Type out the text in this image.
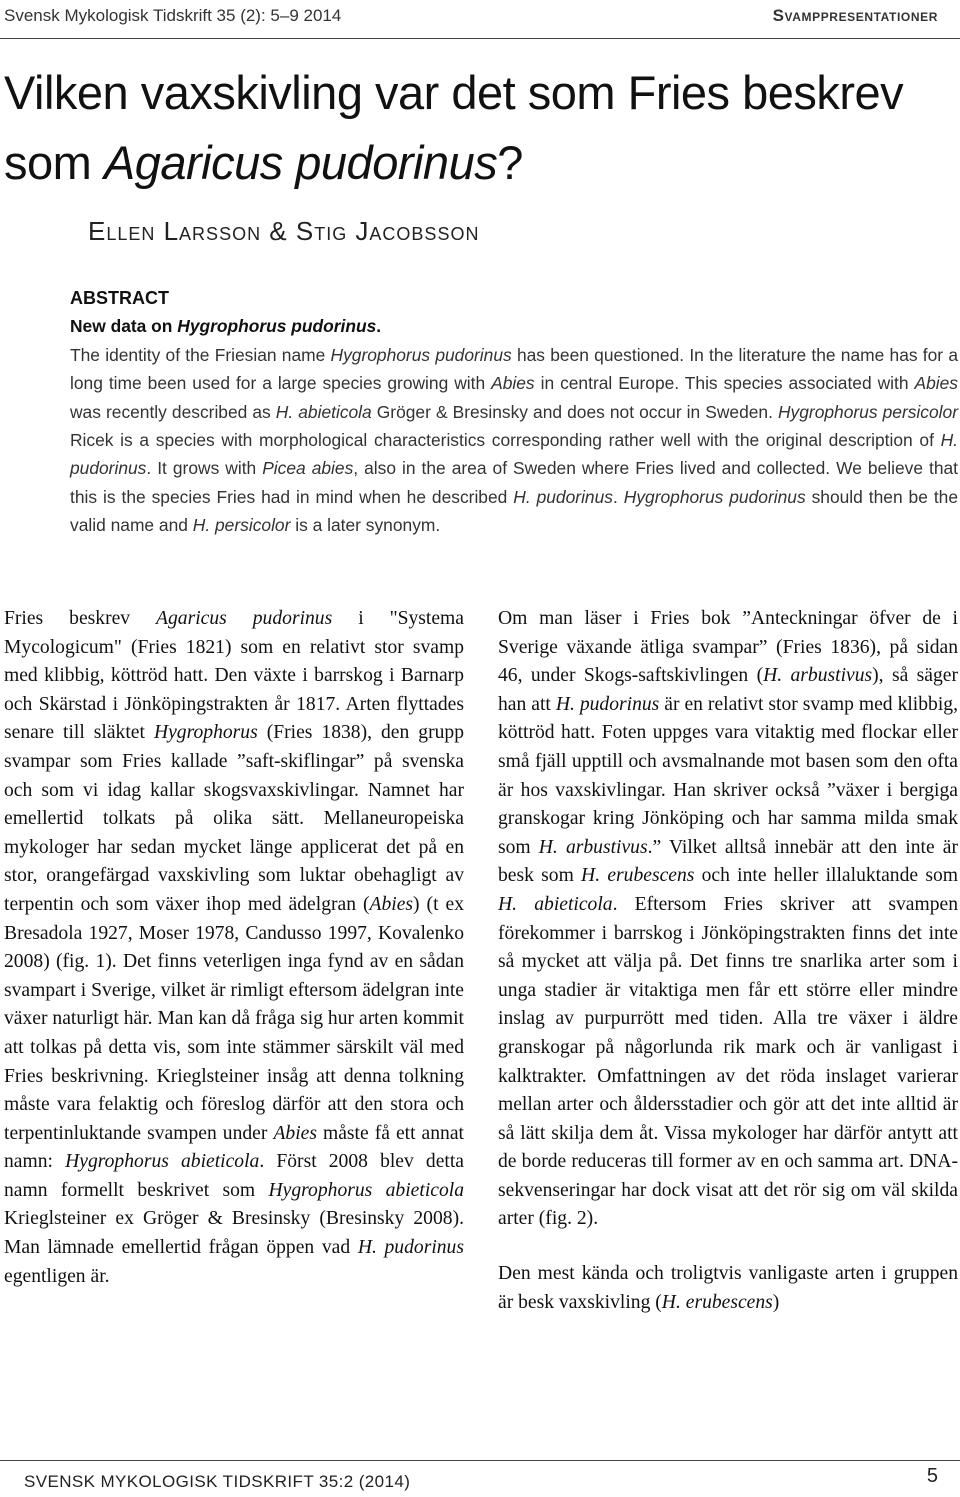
Svensk Mykologisk Tidskrift 35 (2): 5–9 2014	Svamppresentationer
Vilken vaxskivling var det som Fries beskrev
som Agaricus pudorinus?
Ellen Larsson & Stig Jacobsson
ABSTRACT
New data on Hygrophorus pudorinus.
The identity of the Friesian name Hygrophorus pudorinus has been questioned. In the literature the name has for a long time been used for a large species growing with Abies in central Europe. This species associated with Abies was recently described as H. abieticola Gröger & Bresinsky and does not occur in Sweden. Hygrophorus persicolor Ricek is a species with morphological characteristics corresponding rather well with the original description of H. pudorinus. It grows with Picea abies, also in the area of Sweden where Fries lived and collected. We believe that this is the species Fries had in mind when he described H. pudorinus. Hygrophorus pudorinus should then be the valid name and H. persicolor is a later synonym.

Fries beskrev Agaricus pudorinus i "Systema Mycologicum" (Fries 1821) som en relativt stor svamp med klibbig, köttröd hatt. Den växte i barrskog i Barnarp och Skärstad i Jönköpingstrakten år 1817. Arten flyttades senare till släktet Hygrophorus (Fries 1838), den grupp svampar som Fries kallade ”saft-skiflingar” på svenska och som vi idag kallar skogsvaxskivlingar. Namnet har emellertid tolkats på olika sätt. Mellaneuropeiska mykologer har sedan mycket länge applicerat det på en stor, orangefärgad vaxskivling som luktar obehagligt av terpentin och som växer ihop med ädelgran (Abies) (t ex Bresadola 1927, Moser 1978, Candusso 1997, Kovalenko 2008) (fig. 1). Det finns veterligen inga fynd av en sådan svampart i Sverige, vilket är rimligt eftersom ädelgran inte växer naturligt här. Man kan då fråga sig hur arten kommit att tolkas på detta vis, som inte stämmer särskilt väl med Fries beskrivning. Krieglsteiner insåg att denna tolkning måste vara felaktig och föreslog därför att den stora och terpentinluktande svampen under Abies måste få ett annat namn: Hygrophorus abieticola. Först 2008 blev detta namn formellt beskrivet som Hygrophorus abieticola Krieglsteiner ex Gröger & Bresinsky (Bresinsky 2008). Man lämnade emellertid frågan öppen vad H. pudorinus egentligen är.

Om man läser i Fries bok ”Anteckningar öfver de i Sverige växande ätliga svampar” (Fries 1836), på sidan 46, under Skogs-saftskivlingen (H. arbustivus), så säger han att H. pudorinus är en relativt stor svamp med klibbig, köttröd hatt. Foten uppges vara vitaktig med flockar eller små fjäll upptill och avsmalnande mot basen som den ofta är hos vaxskivlingar. Han skriver också ”växer i bergiga granskogar kring Jönköping och har samma milda smak som H. arbustivus.” Vilket alltså innebär att den inte är besk som H. erubescens och inte heller illaluktande som H. abieticola. Eftersom Fries skriver att svampen förekommer i barrskog i Jönköpingstrakten finns det inte så mycket att välja på. Det finns tre snarlika arter som i unga stadier är vitaktiga men får ett större eller mindre inslag av purpurrött med tiden. Alla tre växer i äldre granskogar på någorlunda rik mark och är vanligast i kalktrakter. Omfattningen av det röda inslaget varierar mellan arter och åldersstadier och gör att det inte alltid är så lätt skilja dem åt. Vissa mykologer har därför antytt att de borde reduceras till former av en och samma art. DNA-sekvenseringar har dock visat att det rör sig om väl skilda arter (fig. 2).

Den mest kända och troligtvis vanligaste arten i gruppen är besk vaxskivling (H. erubescens)

SVENSK MYKOLOGISK TIDSKRIFT 35:2 (2014)	5
